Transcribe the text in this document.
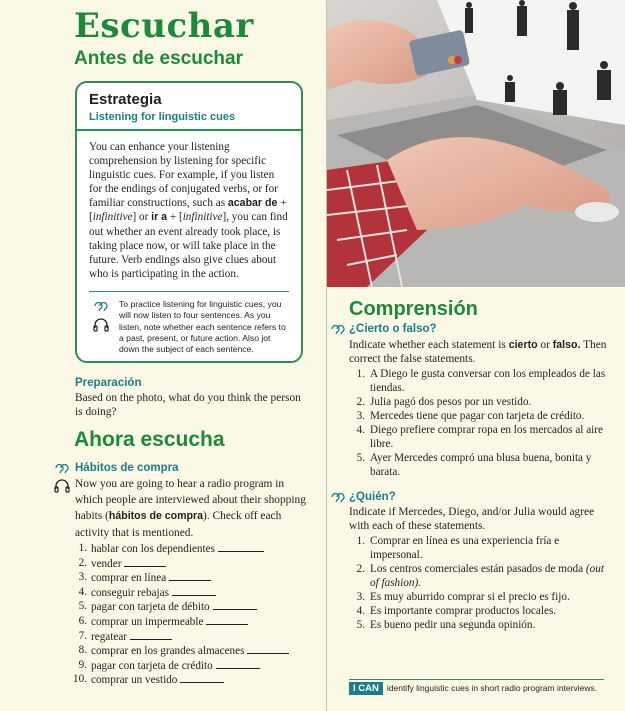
Escuchar
Antes de escuchar
Estrategia
Listening for linguistic cues
You can enhance your listening comprehension by listening for specific linguistic cues. For example, if you listen for the endings of conjugated verbs, or for familiar constructions, such as acabar de + [infinitive] or ir a + [infinitive], you can find out whether an event already took place, is taking place now, or will take place in the future. Verb endings also give clues about who is participating in the action.

To practice listening for linguistic cues, you will now listen to four sentences. As you listen, note whether each sentence refers to a past, present, or future action. Also jot down the subject of each sentence.
Preparación
Based on the photo, what do you think the person is doing?
Ahora escucha
Hábitos de compra
Now you are going to hear a radio program in which people are interviewed about their shopping habits (hábitos de compra). Check off each activity that is mentioned.
1. hablar con los dependientes
2. vender
3. comprar en línea
4. conseguir rebajas
5. pagar con tarjeta de débito
6. comprar un impermeable
7. regatear
8. comprar en los grandes almacenes
9. pagar con tarjeta de crédito
10. comprar un vestido
Comprensión
¿Cierto o falso?
Indicate whether each statement is cierto or falso. Then correct the false statements.
1. A Diego le gusta conversar con los empleados de las tiendas.
2. Julia pagó dos pesos por un vestido.
3. Mercedes tiene que pagar con tarjeta de crédito.
4. Diego prefiere comprar ropa en los mercados al aire libre.
5. Ayer Mercedes compró una blusa buena, bonita y barata.
¿Quién?
Indicate if Mercedes, Diego, and/or Julia would agree with each of these statements.
1. Comprar en línea es una experiencia fría e impersonal.
2. Los centros comerciales están pasados de moda (out of fashion).
3. Es muy aburrido comprar si el precio es fijo.
4. Es importante comprar productos locales.
5. Es bueno pedir una segunda opinión.
I CAN identify linguistic cues in short radio program interviews.
